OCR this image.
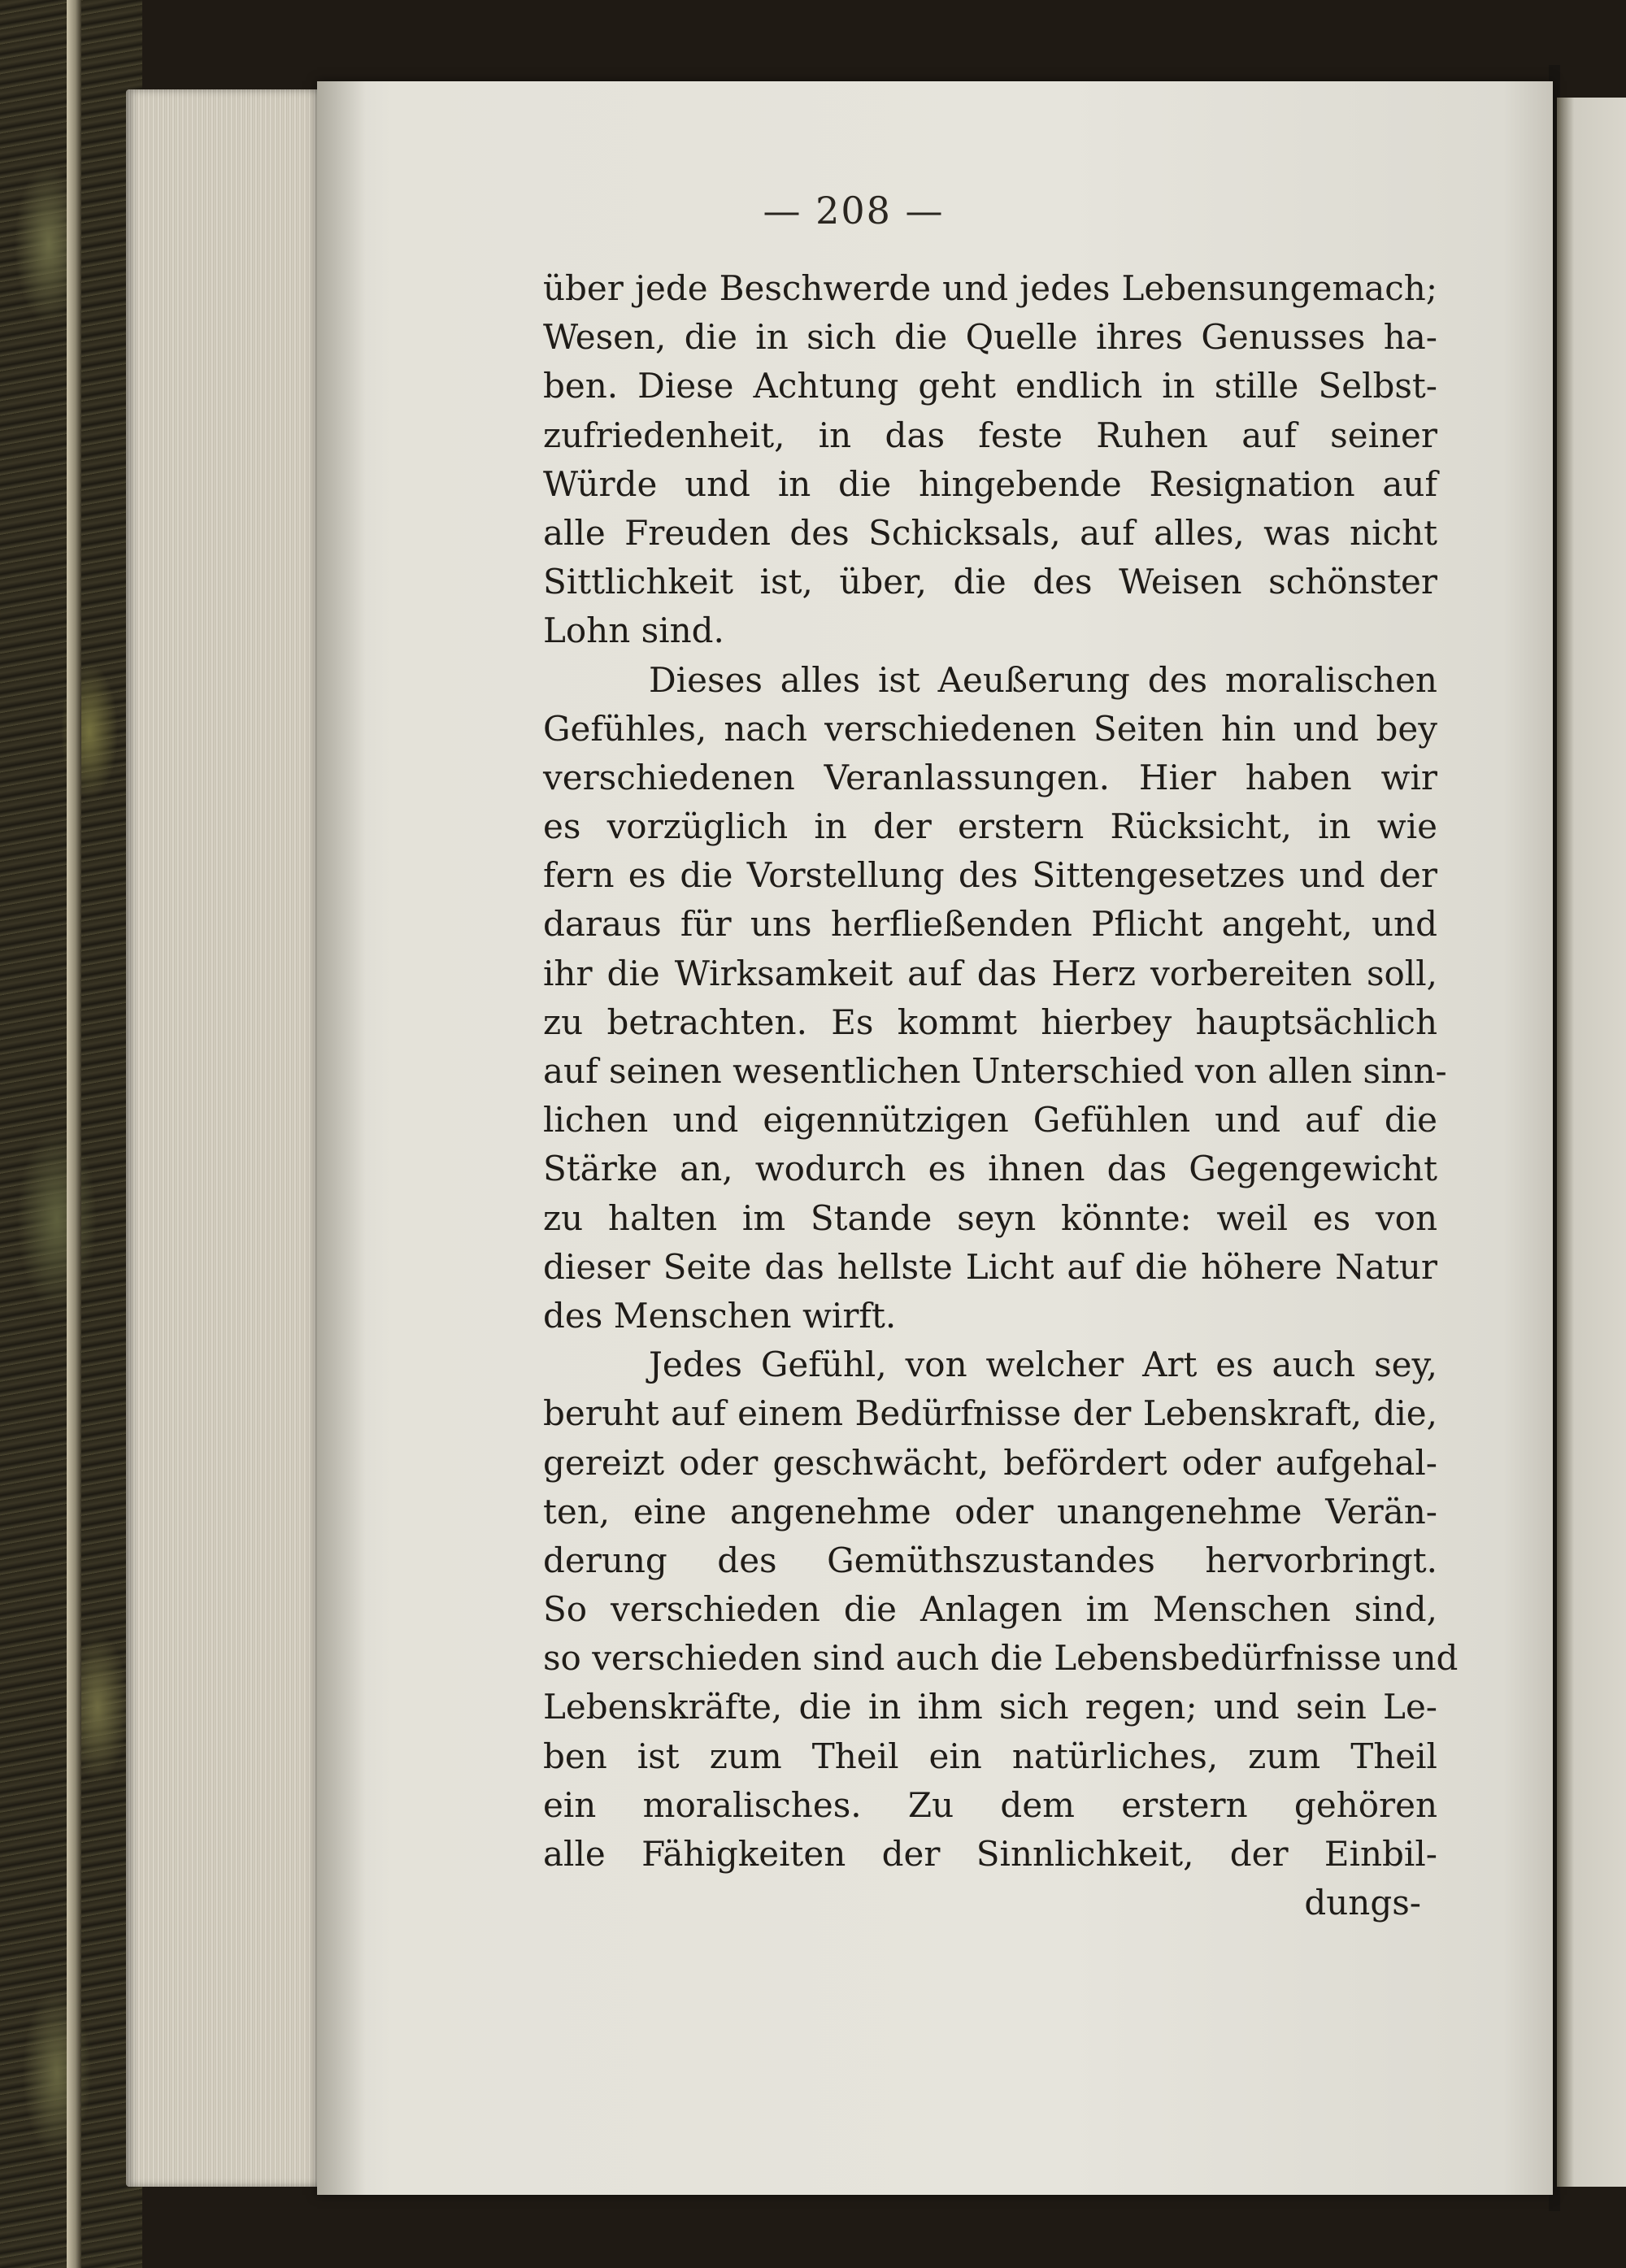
— 208 —
über jede Beschwerde und jedes Lebensungemach;
Wesen, die in sich die Quelle ihres Genusses ha-
ben. Diese Achtung geht endlich in stille Selbst-
zufriedenheit, in das feste Ruhen auf seiner
Würde und in die hingebende Resignation auf
alle Freuden des Schicksals, auf alles, was nicht
Sittlichkeit ist, über, die des Weisen schönster
Lohn sind.
Dieses alles ist Aeußerung des moralischen
Gefühles, nach verschiedenen Seiten hin und bey
verschiedenen Veranlassungen. Hier haben wir
es vorzüglich in der erstern Rücksicht, in wie
fern es die Vorstellung des Sittengesetzes und der
daraus für uns herfließenden Pflicht angeht, und
ihr die Wirksamkeit auf das Herz vorbereiten soll,
zu betrachten. Es kommt hierbey hauptsächlich
auf seinen wesentlichen Unterschied von allen sinn-
lichen und eigennützigen Gefühlen und auf die
Stärke an, wodurch es ihnen das Gegengewicht
zu halten im Stande seyn könnte: weil es von
dieser Seite das hellste Licht auf die höhere Natur
des Menschen wirft.
Jedes Gefühl, von welcher Art es auch sey,
beruht auf einem Bedürfnisse der Lebenskraft, die,
gereizt oder geschwächt, befördert oder aufgehal-
ten, eine angenehme oder unangenehme Verän-
derung des Gemüthszustandes hervorbringt.
So verschieden die Anlagen im Menschen sind,
so verschieden sind auch die Lebensbedürfnisse und
Lebenskräfte, die in ihm sich regen; und sein Le-
ben ist zum Theil ein natürliches, zum Theil
ein moralisches. Zu dem erstern gehören
alle Fähigkeiten der Sinnlichkeit, der Einbil-
dungs-
